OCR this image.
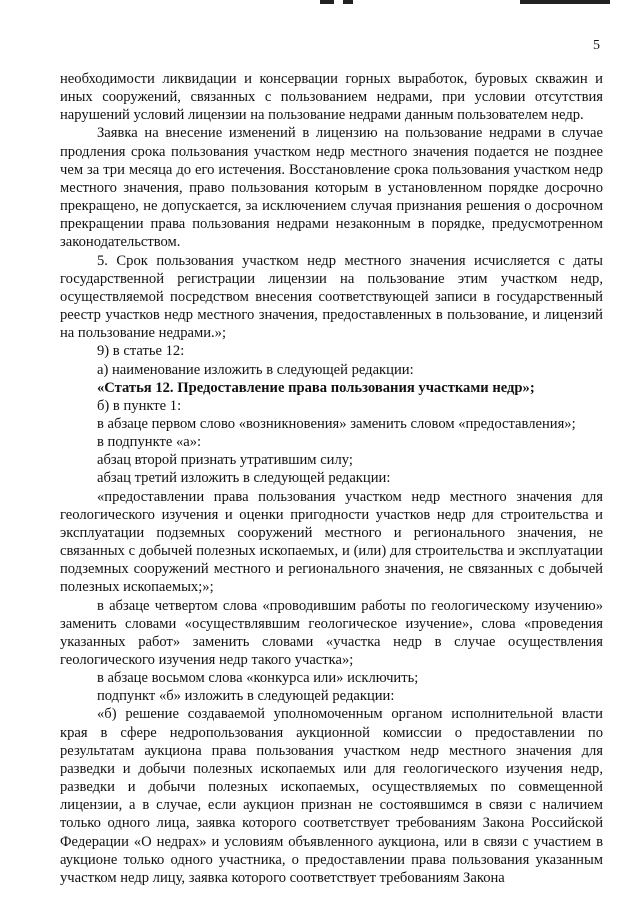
5

необходимости ликвидации и консервации горных выработок, буровых скважин и иных сооружений, связанных с пользованием недрами, при условии отсутствия нарушений условий лицензии на пользование недрами данным пользователем недр.

Заявка на внесение изменений в лицензию на пользование недрами в случае продления срока пользования участком недр местного значения подается не позднее чем за три месяца до его истечения. Восстановление срока пользования участком недр местного значения, право пользования которым в установленном порядке досрочно прекращено, не допускается, за исключением случая признания решения о досрочном прекращении права пользования недрами незаконным в порядке, предусмотренном законодательством.

5. Срок пользования участком недр местного значения исчисляется с даты государственной регистрации лицензии на пользование этим участком недр, осуществляемой посредством внесения соответствующей записи в государственный реестр участков недр местного значения, предоставленных в пользование, и лицензий на пользование недрами.»;

9) в статье 12:

а) наименование изложить в следующей редакции:

«Статья 12. Предоставление права пользования участками недр»;

б) в пункте 1:

в абзаце первом слово «возникновения» заменить словом «предоставления»;

в подпункте «а»:

абзац второй признать утратившим силу;

абзац третий изложить в следующей редакции:

«предоставлении права пользования участком недр местного значения для геологического изучения и оценки пригодности участков недр для строительства и эксплуатации подземных сооружений местного и регионального значения, не связанных с добычей полезных ископаемых, и (или) для строительства и эксплуатации подземных сооружений местного и регионального значения, не связанных с добычей полезных ископаемых;»;

в абзаце четвертом слова «проводившим работы по геологическому изучению» заменить словами «осуществлявшим геологическое изучение», слова «проведения указанных работ» заменить словами «участка недр в случае осуществления геологического изучения недр такого участка»;

в абзаце восьмом слова «конкурса или» исключить;

подпункт «б» изложить в следующей редакции:

«б) решение создаваемой уполномоченным органом исполнительной власти края в сфере недропользования аукционной комиссии о предоставлении по результатам аукциона права пользования участком недр местного значения для разведки и добычи полезных ископаемых или для геологического изучения недр, разведки и добычи полезных ископаемых, осуществляемых по совмещенной лицензии, а в случае, если аукцион признан не состоявшимся в связи с наличием только одного лица, заявка которого соответствует требованиям Закона Российской Федерации «О недрах» и условиям объявленного аукциона, или в связи с участием в аукционе только одного участника, о предоставлении права пользования указанным участком недр лицу, заявка которого соответствует требованиям Закона
